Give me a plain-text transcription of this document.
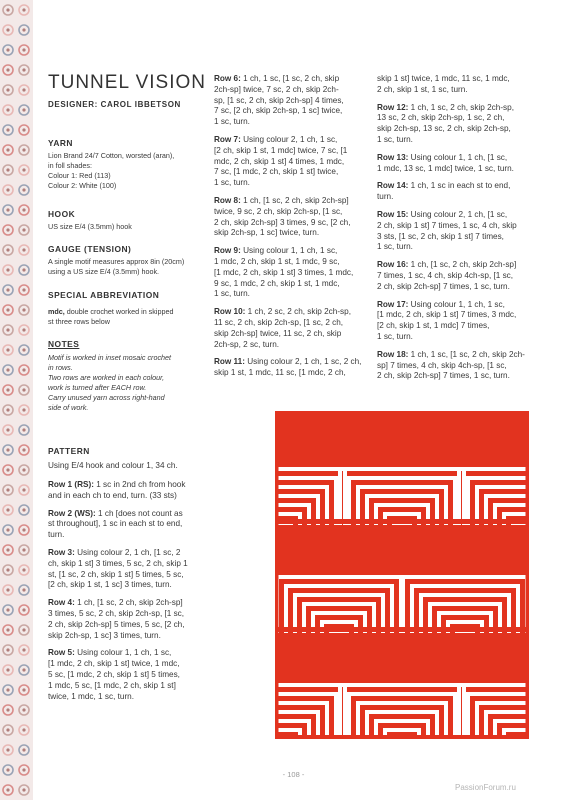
TUNNEL VISION
DESIGNER: CAROL IBBETSON
YARN

Lion Brand 24/7 Cotton, worsted (aran),

in foll shades:

Colour 1: Red (113)

Colour 2: White (100)

HOOK
US size E/4 (3.5mm) hook
GAUGE (TENSION)

A single motif measures approx 8in (20cm)

using a US size E/4 (3.5mm) hook.

SPECIAL ABBREVIATION

mdc, double crochet worked in skipped

st three rows below

NOTES

Motif is worked in inset mosaic crochet

in rows.

Two rows are worked in each colour,

work is turned after EACH row.

Carry unused yarn across right-hand

side of work.

PATTERN
Using E/4 hook and colour 1, 34 ch.

Row 1 (RS): 1 sc in 2nd ch from hook

and in each ch to end, turn. (33 sts)

Row 2 (WS): 1 ch [does not count as

st throughout], 1 sc in each st to end,

turn.

Row 3: Using colour 2, 1 ch, [1 sc, 2

ch, skip 1 st] 3 times, 5 sc, 2 ch, skip 1

st, [1 sc, 2 ch, skip 1 st] 5 times, 5 sc,

[2 ch, skip 1 st, 1 sc] 3 times, turn.

Row 4: 1 ch, [1 sc, 2 ch, skip 2ch-sp]

3 times, 5 sc, 2 ch, skip 2ch-sp, [1 sc,

2 ch, skip 2ch-sp] 5 times, 5 sc, [2 ch,

skip 2ch-sp, 1 sc] 3 times, turn.

Row 5: Using colour 1, 1 ch, 1 sc,

[1 mdc, 2 ch, skip 1 st] twice, 1 mdc,

5 sc, [1 mdc, 2 ch, skip 1 st] 5 times,

1 mdc, 5 sc, [1 mdc, 2 ch, skip 1 st]

twice, 1 mdc, 1 sc, turn.

Row 6: 1 ch, 1 sc, [1 sc, 2 ch, skip

2ch-sp] twice, 7 sc, 2 ch, skip 2ch-

sp, [1 sc, 2 ch, skip 2ch-sp] 4 times,

7 sc, [2 ch, skip 2ch-sp, 1 sc] twice,

1 sc, turn.

Row 7: Using colour 2, 1 ch, 1 sc,

[2 ch, skip 1 st, 1 mdc] twice, 7 sc, [1

mdc, 2 ch, skip 1 st] 4 times, 1 mdc,

7 sc, [1 mdc, 2 ch, skip 1 st] twice,

1 sc, turn.

Row 8: 1 ch, [1 sc, 2 ch, skip 2ch-sp]

twice, 9 sc, 2 ch, skip 2ch-sp, [1 sc,

2 ch, skip 2ch-sp] 3 times, 9 sc, [2 ch,

skip 2ch-sp, 1 sc] twice, turn.

Row 9: Using colour 1, 1 ch, 1 sc,

1 mdc, 2 ch, skip 1 st, 1 mdc, 9 sc,

[1 mdc, 2 ch, skip 1 st] 3 times, 1 mdc,

9 sc, 1 mdc, 2 ch, skip 1 st, 1 mdc,

1 sc, turn.

Row 10: 1 ch, 2 sc, 2 ch, skip 2ch-sp,

11 sc, 2 ch, skip 2ch-sp, [1 sc, 2 ch,

skip 2ch-sp] twice, 11 sc, 2 ch, skip

2ch-sp, 2 sc, turn.

Row 11: Using colour 2, 1 ch, 1 sc, 2 ch,

skip 1 st, 1 mdc, 11 sc, [1 mdc, 2 ch,

skip 1 st] twice, 1 mdc, 11 sc, 1 mdc,

2 ch, skip 1 st, 1 sc, turn.

Row 12: 1 ch, 1 sc, 2 ch, skip 2ch-sp,

13 sc, 2 ch, skip 2ch-sp, 1 sc, 2 ch,

skip 2ch-sp, 13 sc, 2 ch, skip 2ch-sp,

1 sc, turn.

Row 13: Using colour 1, 1 ch, [1 sc,

1 mdc, 13 sc, 1 mdc] twice, 1 sc, turn.

Row 14: 1 ch, 1 sc in each st to end,

turn.

Row 15: Using colour 2, 1 ch, [1 sc,

2 ch, skip 1 st] 7 times, 1 sc, 4 ch, skip

3 sts, [1 sc, 2 ch, skip 1 st] 7 times,

1 sc, turn.

Row 16: 1 ch, [1 sc, 2 ch, skip 2ch-sp]

7 times, 1 sc, 4 ch, skip 4ch-sp, [1 sc,

2 ch, skip 2ch-sp] 7 times, 1 sc, turn.

Row 17: Using colour 1, 1 ch, 1 sc,

[1 mdc, 2 ch, skip 1 st] 7 times, 3 mdc,

[2 ch, skip 1 st, 1 mdc] 7 times,

1 sc, turn.

Row 18: 1 ch, 1 sc, [1 sc, 2 ch, skip 2ch-

sp] 7 times, 4 ch, skip 4ch-sp, [1 sc,

2 ch, skip 2ch-sp] 7 times, 1 sc, turn.

- 108 -
PassionForum.ru
